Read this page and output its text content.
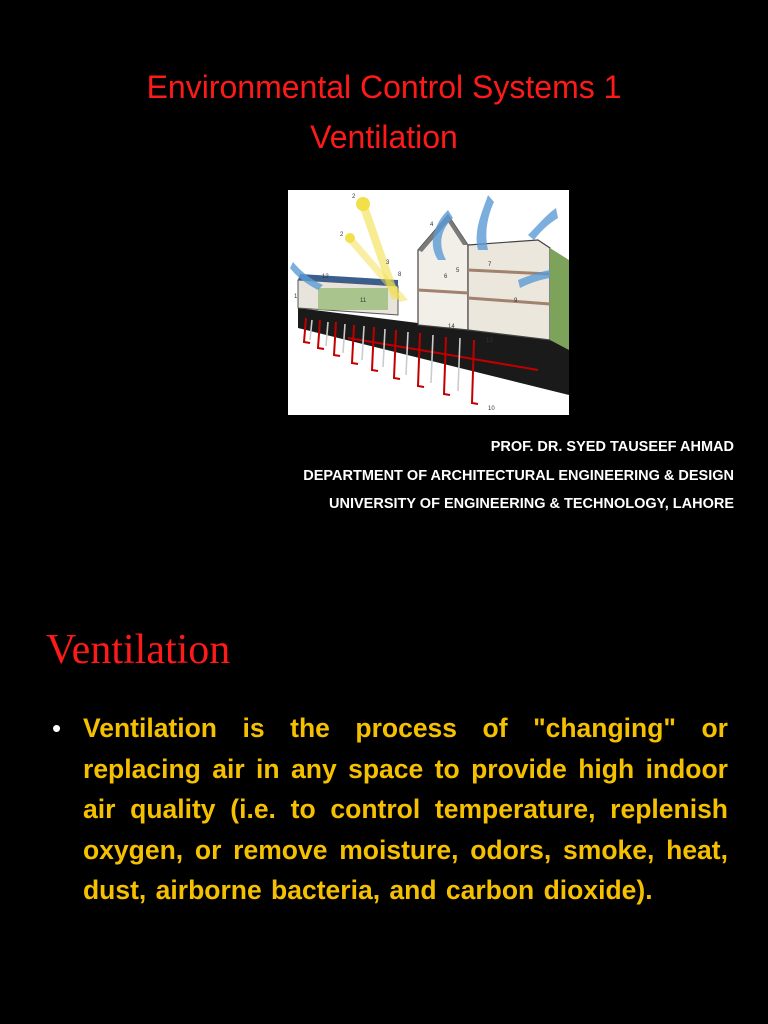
Environmental Control Systems 1
Ventilation
2
2
1
3
4
5
6
7
8
9
10
11
12
13
14
PROF. DR. SYED TAUSEEF AHMAD
DEPARTMENT OF ARCHITECTURAL ENGINEERING & DESIGN
UNIVERSITY OF ENGINEERING & TECHNOLOGY, LAHORE
Ventilation
• Ventilation is the process of "changing" or replacing air in any space to provide high indoor air quality (i.e. to control temperature, replenish oxygen, or remove moisture, odors, smoke, heat, dust, airborne bacteria, and carbon dioxide).
